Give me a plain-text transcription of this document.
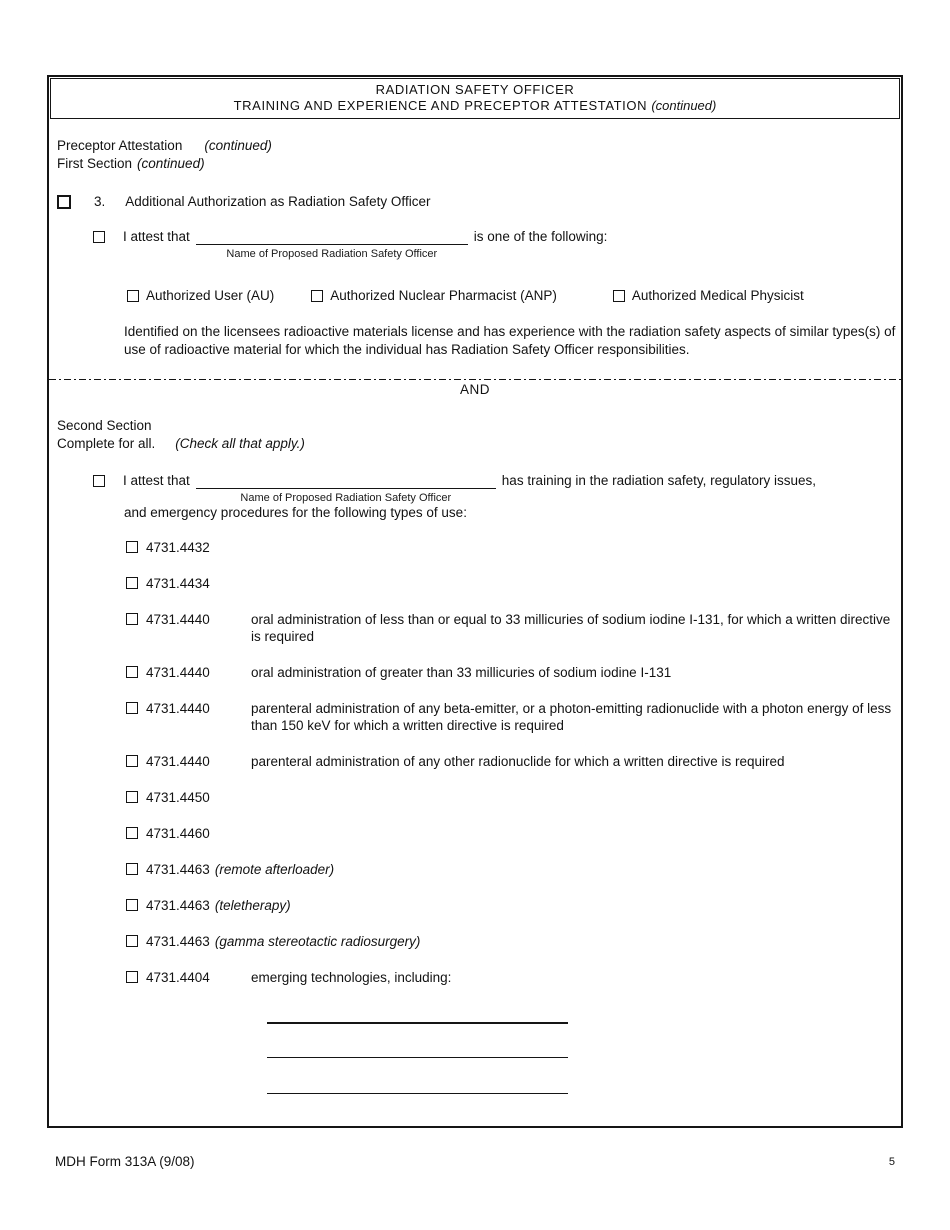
RADIATION SAFETY OFFICER
TRAINING AND EXPERIENCE AND PRECEPTOR ATTESTATION (continued)
Preceptor Attestation (continued)
First Section (continued)
3. Additional Authorization as Radiation Safety Officer
I attest that
Name of Proposed Radiation Safety Officer
is one of the following:
Authorized User (AU)	Authorized Nuclear Pharmacist (ANP)	Authorized Medical Physicist
Identified on the licensees radioactive materials license and has experience with the radiation safety aspects of similar types(s) of use of radioactive material for which the individual has Radiation Safety Officer responsibilities.
AND
Second Section
Complete for all. (Check all that apply.)
I attest that
Name of Proposed Radiation Safety Officer
has training in the radiation safety, regulatory issues,
and emergency procedures for the following types of use:
4731.4432
4731.4434
4731.4440	oral administration of less than or equal to 33 millicuries of sodium iodine I-131, for which a written directive is required
4731.4440	oral administration of greater than 33 millicuries of sodium iodine I-131
4731.4440	parenteral administration of any beta-emitter, or a photon-emitting radionuclide with a photon energy of less than 150 keV for which a written directive is required
4731.4440	parenteral administration of any other radionuclide for which a written directive is required
4731.4450
4731.4460
4731.4463 (remote afterloader)
4731.4463 (teletherapy)
4731.4463 (gamma stereotactic radiosurgery)
4731.4404	emerging technologies, including:
MDH Form 313A (9/08)	5
